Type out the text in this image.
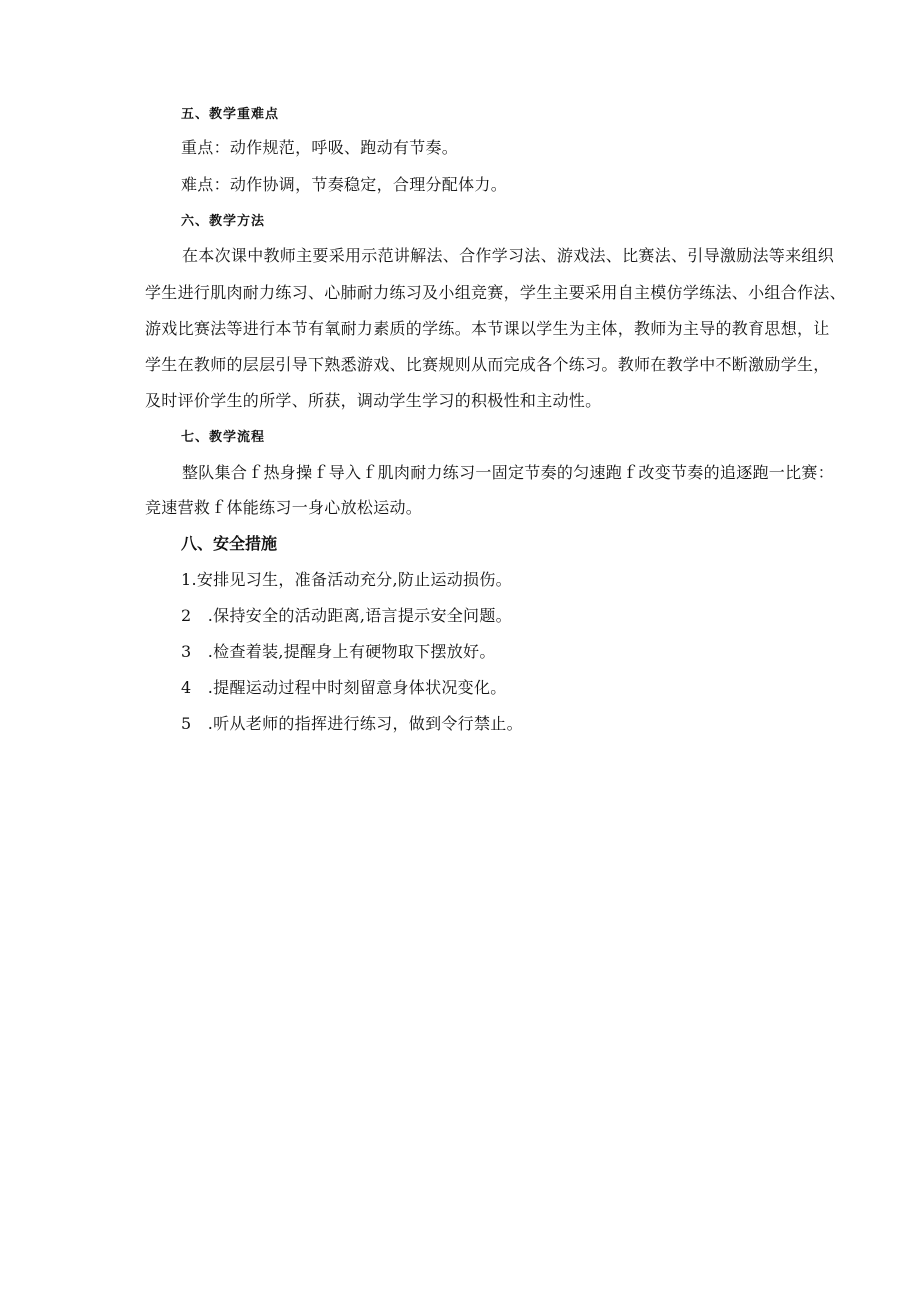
五、教学重难点
重点：动作规范，呼吸、跑动有节奏。
难点：动作协调，节奏稳定，合理分配体力。
六、教学方法
在本次课中教师主要采用示范讲解法、合作学习法、游戏法、比赛法、引导激励法等来组织
学生进行肌肉耐力练习、心肺耐力练习及小组竞赛，学生主要采用自主模仿学练法、小组合作法、
游戏比赛法等进行本节有氧耐力素质的学练。本节课以学生为主体，教师为主导的教育思想，让
学生在教师的层层引导下熟悉游戏、比赛规则从而完成各个练习。教师在教学中不断激励学生，
及时评价学生的所学、所获，调动学生学习的积极性和主动性。
七、教学流程
整队集合ｆ热身操ｆ导入ｆ肌肉耐力练习一固定节奏的匀速跑ｆ改变节奏的追逐跑一比赛：
竞速营救ｆ体能练习一身心放松运动。
八、安全措施
1.安排见习生，准备活动充分,防止运动损伤。
2　.保持安全的活动距离,语言提示安全问题。
3　.检查着装,提醒身上有硬物取下摆放好。
4　.提醒运动过程中时刻留意身体状况变化。
5　.听从老师的指挥进行练习，做到令行禁止。
